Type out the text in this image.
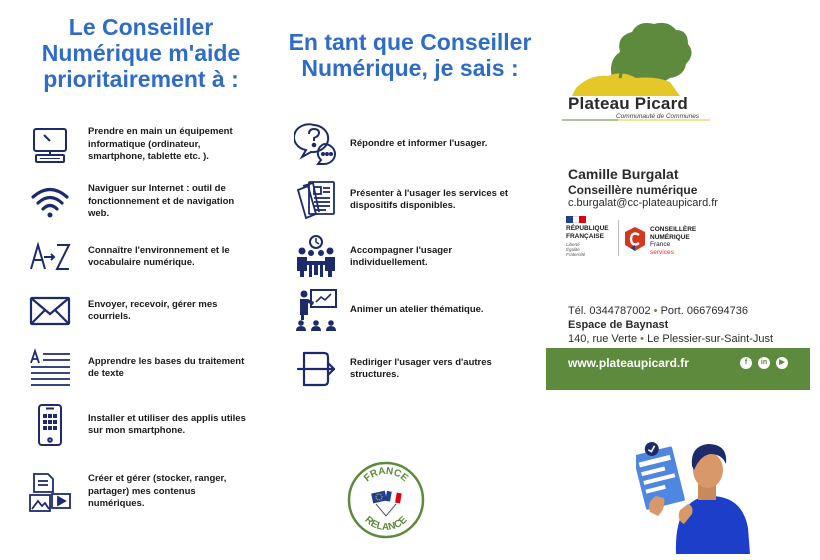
Le Conseiller Numérique m'aide prioritairement à :
Prendre en main un équipement informatique (ordinateur, smartphone, tablette etc. ).
Naviguer sur Internet : outil de fonctionnement et de navigation web.
Connaître l'environnement et le vocabulaire numérique.
Envoyer, recevoir, gérer mes courriels.
Apprendre les bases du traitement de texte
Installer et utiliser des applis utiles sur mon smartphone.
Créer et gérer (stocker, ranger, partager) mes contenus numériques.
En tant que Conseiller Numérique, je sais :
Répondre et informer l'usager.
Présenter à l'usager les services et dispositifs disponibles.
Accompagner l'usager individuellement.
Animer un atelier thématique.
Rediriger l'usager vers d'autres structures.
Plateau Picard
Communauté de Communes
Camille Burgalat
Conseillère numérique
c.burgalat@cc-plateaupicard.fr
RÉPUBLIQUE
FRANÇAISE
Liberté
Égalité
Fraternité
CONSEILLÈRE
NUMÉRIQUE
France
services
Tél. 0344787002 • Port. 0667694736
Espace de Baynast
140, rue Verte • Le Plessier-sur-Saint-Just
www.plateaupicard.fr	f	in	▶
FRANCE
RELANCE
